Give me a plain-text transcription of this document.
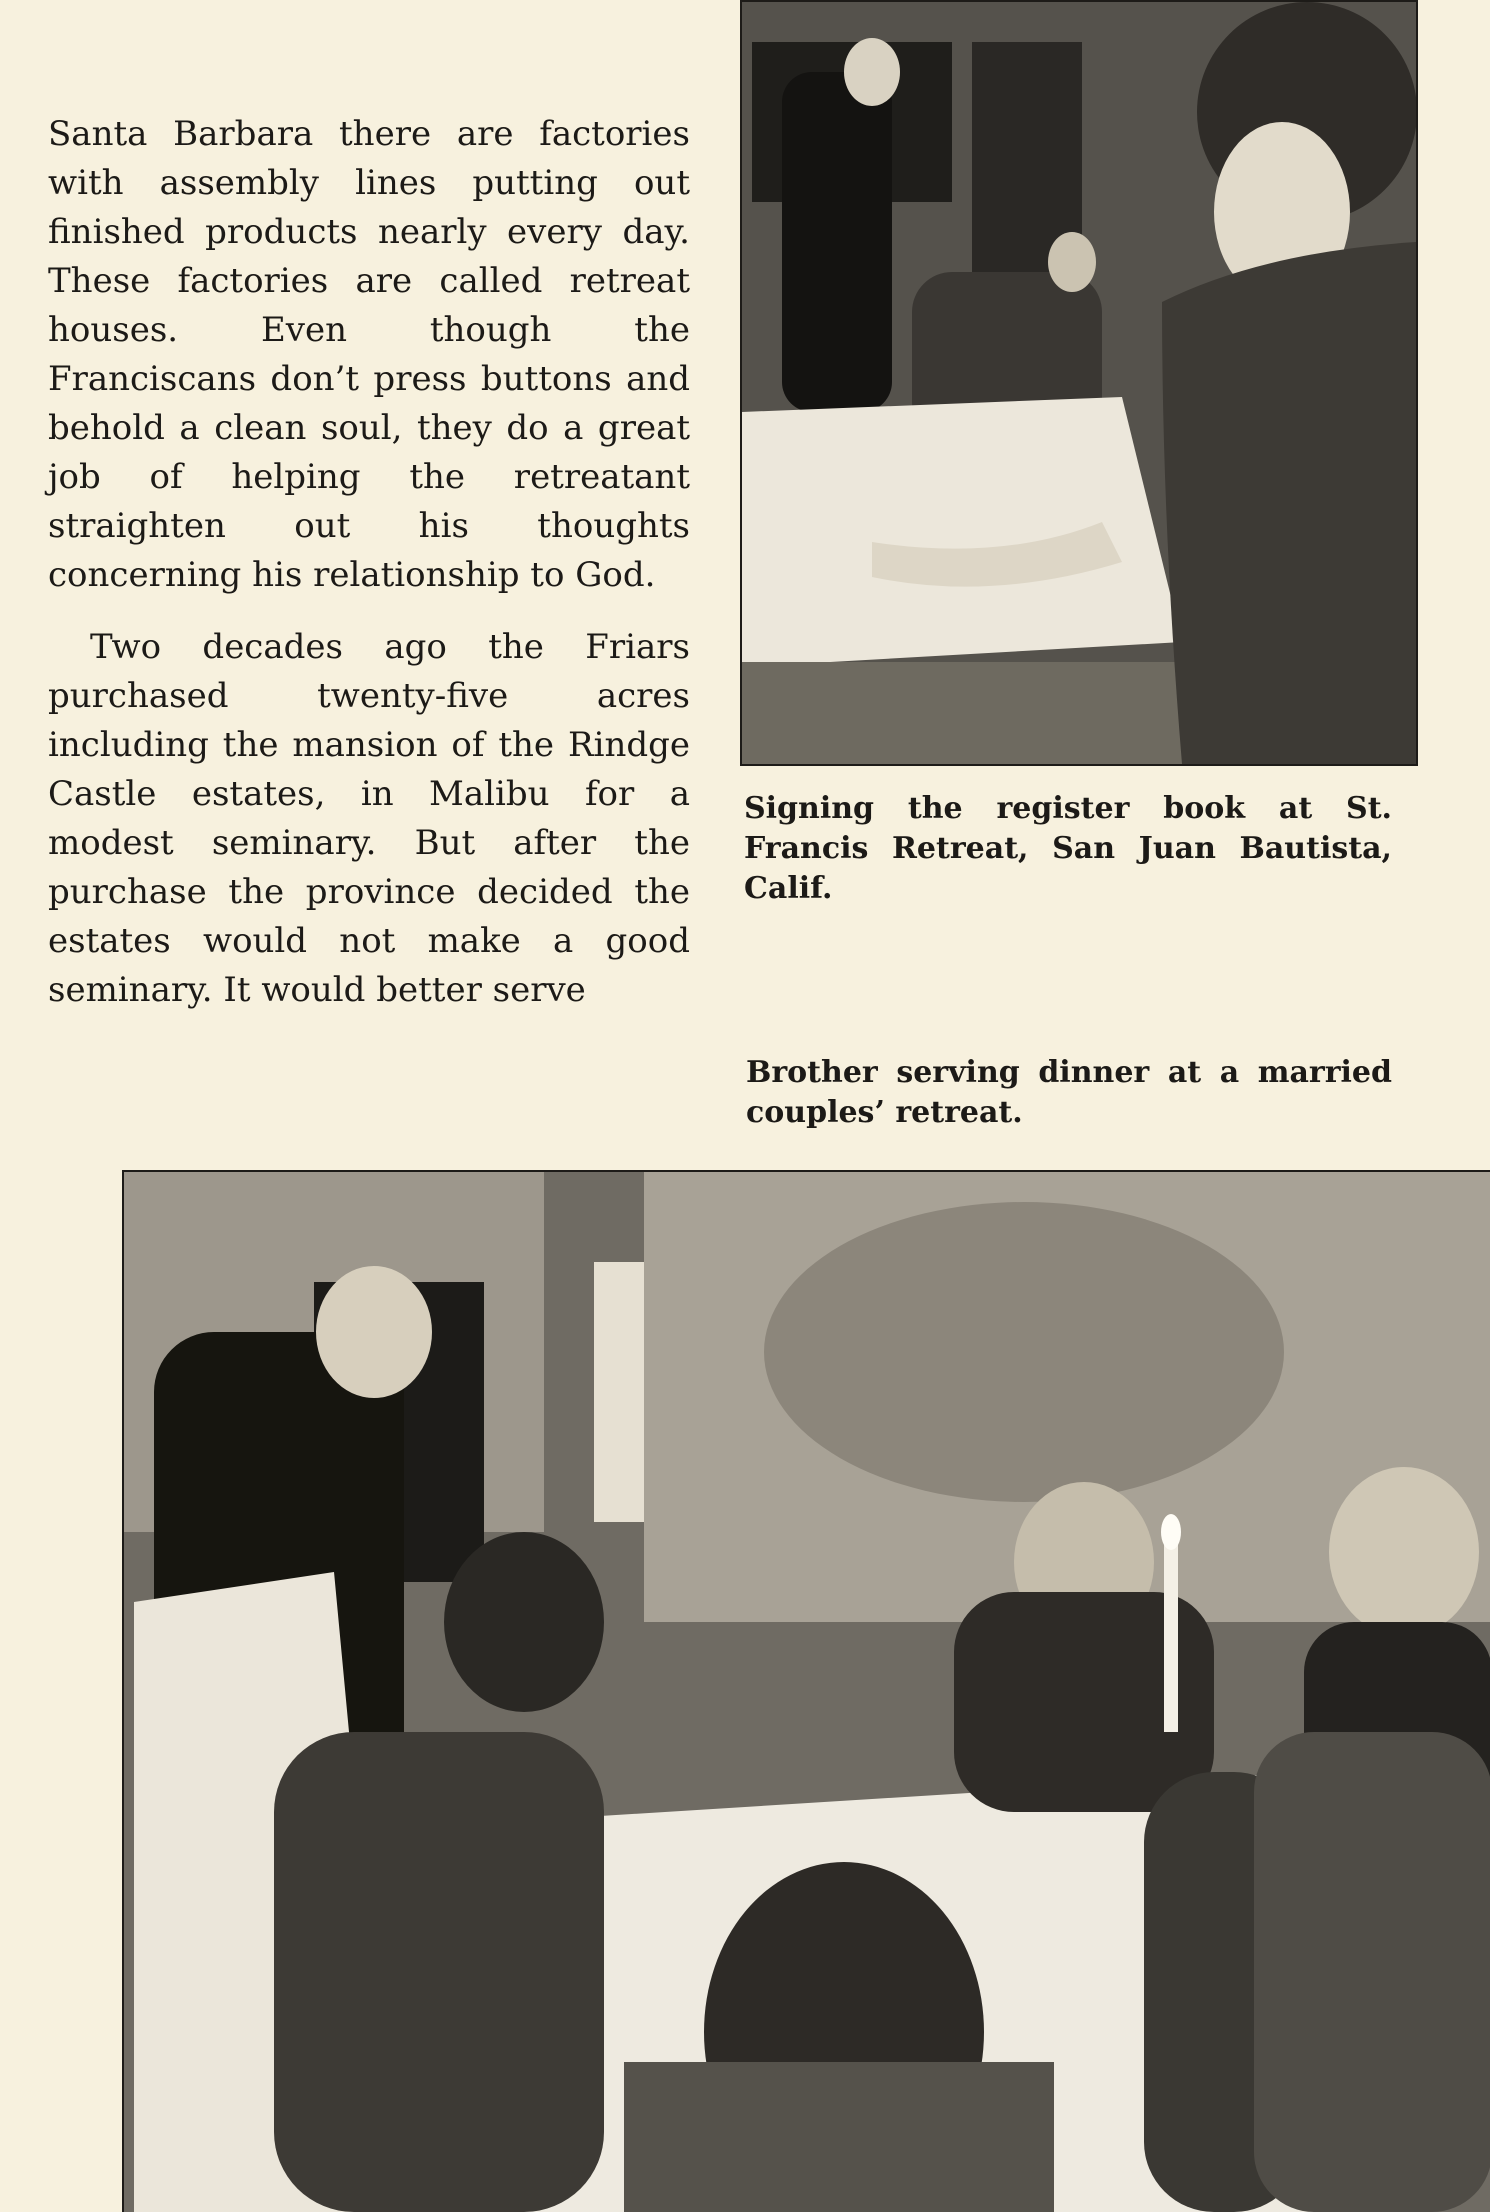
Santa Barbara there are factories with assembly lines putting out finished products nearly every day. These factories are called retreat houses. Even though the Franciscans don’t press buttons and behold a clean soul, they do a great job of helping the retreatant straighten out his thoughts concerning his relationship to God.

Two decades ago the Friars purchased twenty-five acres including the mansion of the Rindge Castle estates, in Malibu for a modest seminary. But after the purchase the province decided the estates would not make a good seminary. It would better serve

Signing the register book at St. Francis Retreat, San Juan Bautista, Calif.
Brother serving dinner at a married couples’ retreat.
